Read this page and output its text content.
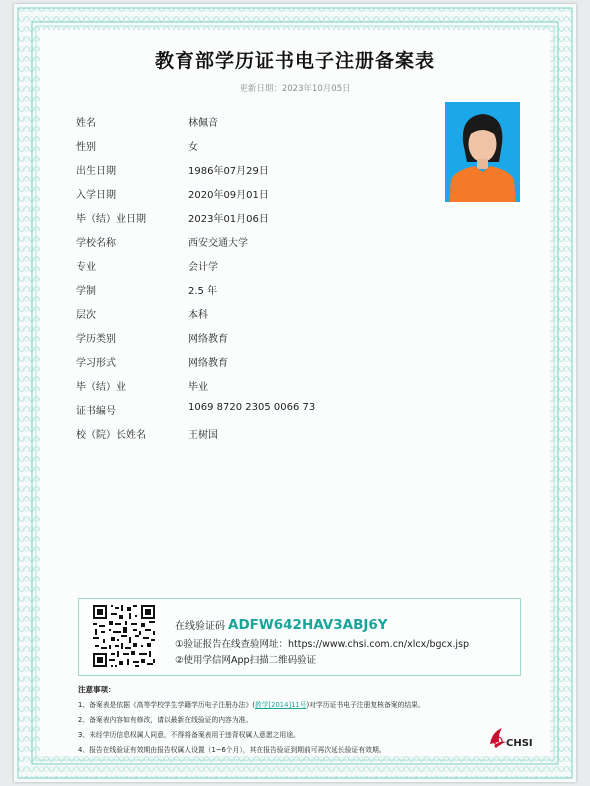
教育部学历证书电子注册备案表
更新日期：2023年10月05日
姓名	林佩音
性别	女
出生日期	1986年07月29日
入学日期	2020年09月01日
毕（结）业日期	2023年01月06日
学校名称	西安交通大学
专业	会计学
学制	2.5 年
层次	本科
学历类别	网络教育
学习形式	网络教育
毕（结）业	毕业
证书编号	1069 8720 2305 0066 73
校（院）长姓名	王树国
在线验证码 ADFW642HAV3ABJ6Y
①验证报告在线查验网址：https://www.chsi.com.cn/xlcx/bgcx.jsp
②使用学信网App扫描二维码验证
注意事项：
1、备案表是依据《高等学校学生学籍学历电子注册办法》(教学[2014]11号)对学历证书电子注册复核备案的结果。
2、备案表内容如有修改，请以最新在线验证的内容为准。
3、未经学历信息权属人同意，不得将备案表用于违背权属人意愿之用途。
4、报告在线验证有效期由报告权属人设置（1~6个月），其在报告验证到期前可再次延长验证有效期。
CHSI
